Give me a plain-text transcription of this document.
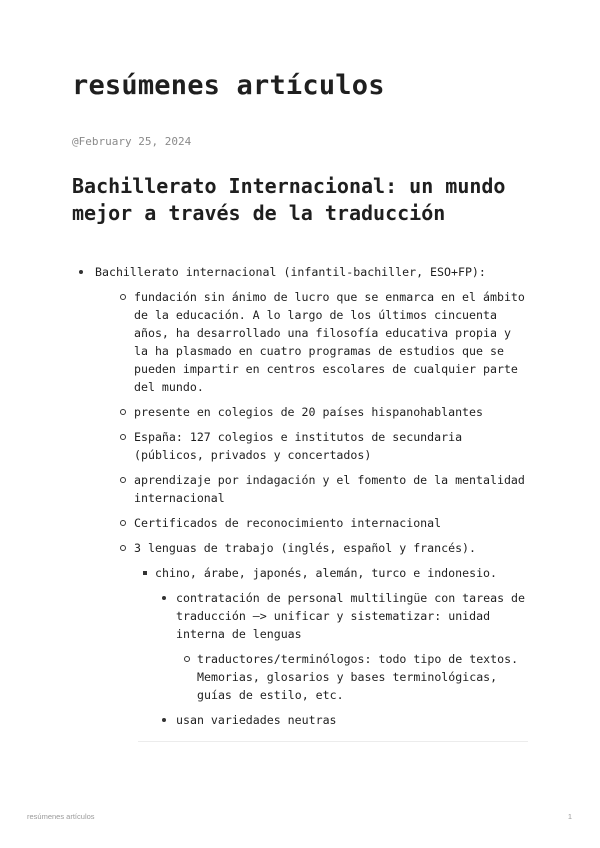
resúmenes artículos
@February 25, 2024
Bachillerato Internacional: un mundo mejor a través de la traducción
Bachillerato internacional (infantil-bachiller, ESO+FP):
fundación sin ánimo de lucro que se enmarca en el ámbito de la educación. A lo largo de los últimos cincuenta años, ha desarrollado una filosofía educativa propia y la ha plasmado en cuatro programas de estudios que se pueden impartir en centros escolares de cualquier parte del mundo.
presente en colegios de 20 países hispanohablantes
España: 127 colegios e institutos de secundaria (públicos, privados y concertados)
aprendizaje por indagación y el fomento de la mentalidad internacional
Certificados de reconocimiento internacional
3 lenguas de trabajo (inglés, español y francés).
chino, árabe, japonés, alemán, turco e indonesio.
contratación de personal multilingüe con tareas de traducción —> unificar y sistematizar: unidad interna de lenguas
traductores/terminólogos: todo tipo de textos. Memorias, glosarios y bases terminológicas, guías de estilo, etc.
usan variedades neutras
resúmenes artículos	1
